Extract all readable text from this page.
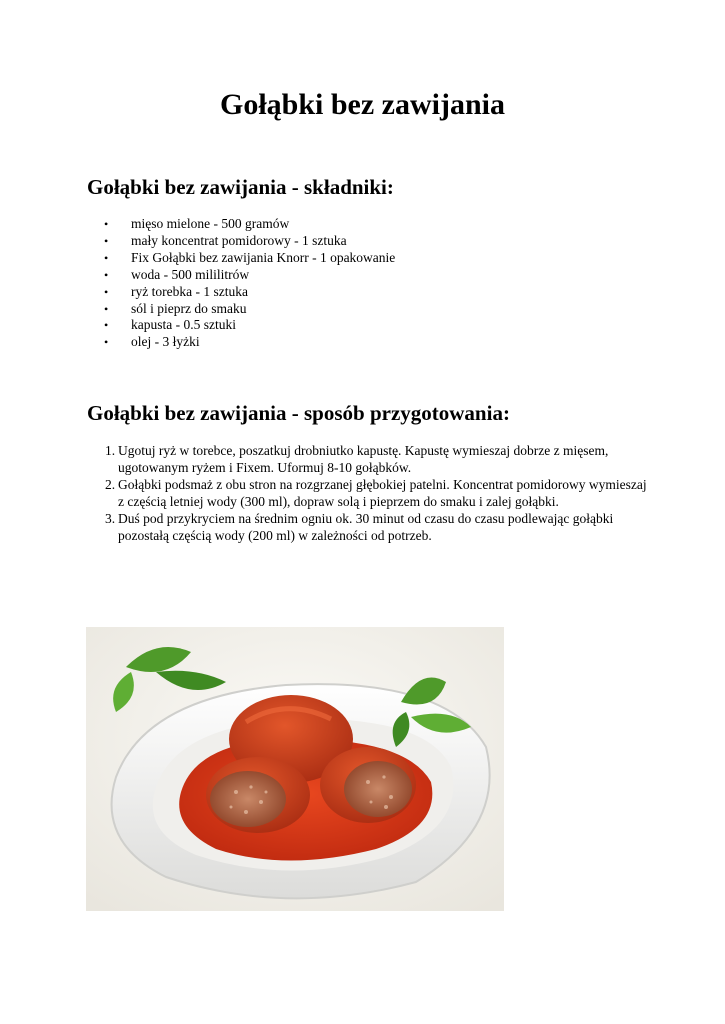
Gołąbki bez zawijania
Gołąbki bez zawijania - składniki:
• mięso mielone - 500 gramów
• mały koncentrat pomidorowy - 1 sztuka
• Fix Gołąbki bez zawijania Knorr - 1 opakowanie
• woda - 500 mililitrów
• ryż torebka - 1 sztuka
• sól i pieprz do smaku
• kapusta - 0.5 sztuki
• olej - 3 łyżki
Gołąbki bez zawijania - sposób przygotowania:
1. Ugotuj ryż w torebce, poszatkuj drobniutko kapustę. Kapustę wymieszaj dobrze z mięsem, ugotowanym ryżem i Fixem. Uformuj 8-10 gołąbków.
2. Gołąbki podsmaż z obu stron na rozgrzanej głębokiej patelni. Koncentrat pomidorowy wymieszaj z częścią letniej wody (300 ml), dopraw solą i pieprzem do smaku i zalej gołąbki.
3. Duś pod przykryciem na średnim ogniu ok. 30 minut od czasu do czasu podlewając gołąbki pozostałą częścią wody (200 ml) w zależności od potrzeb.
